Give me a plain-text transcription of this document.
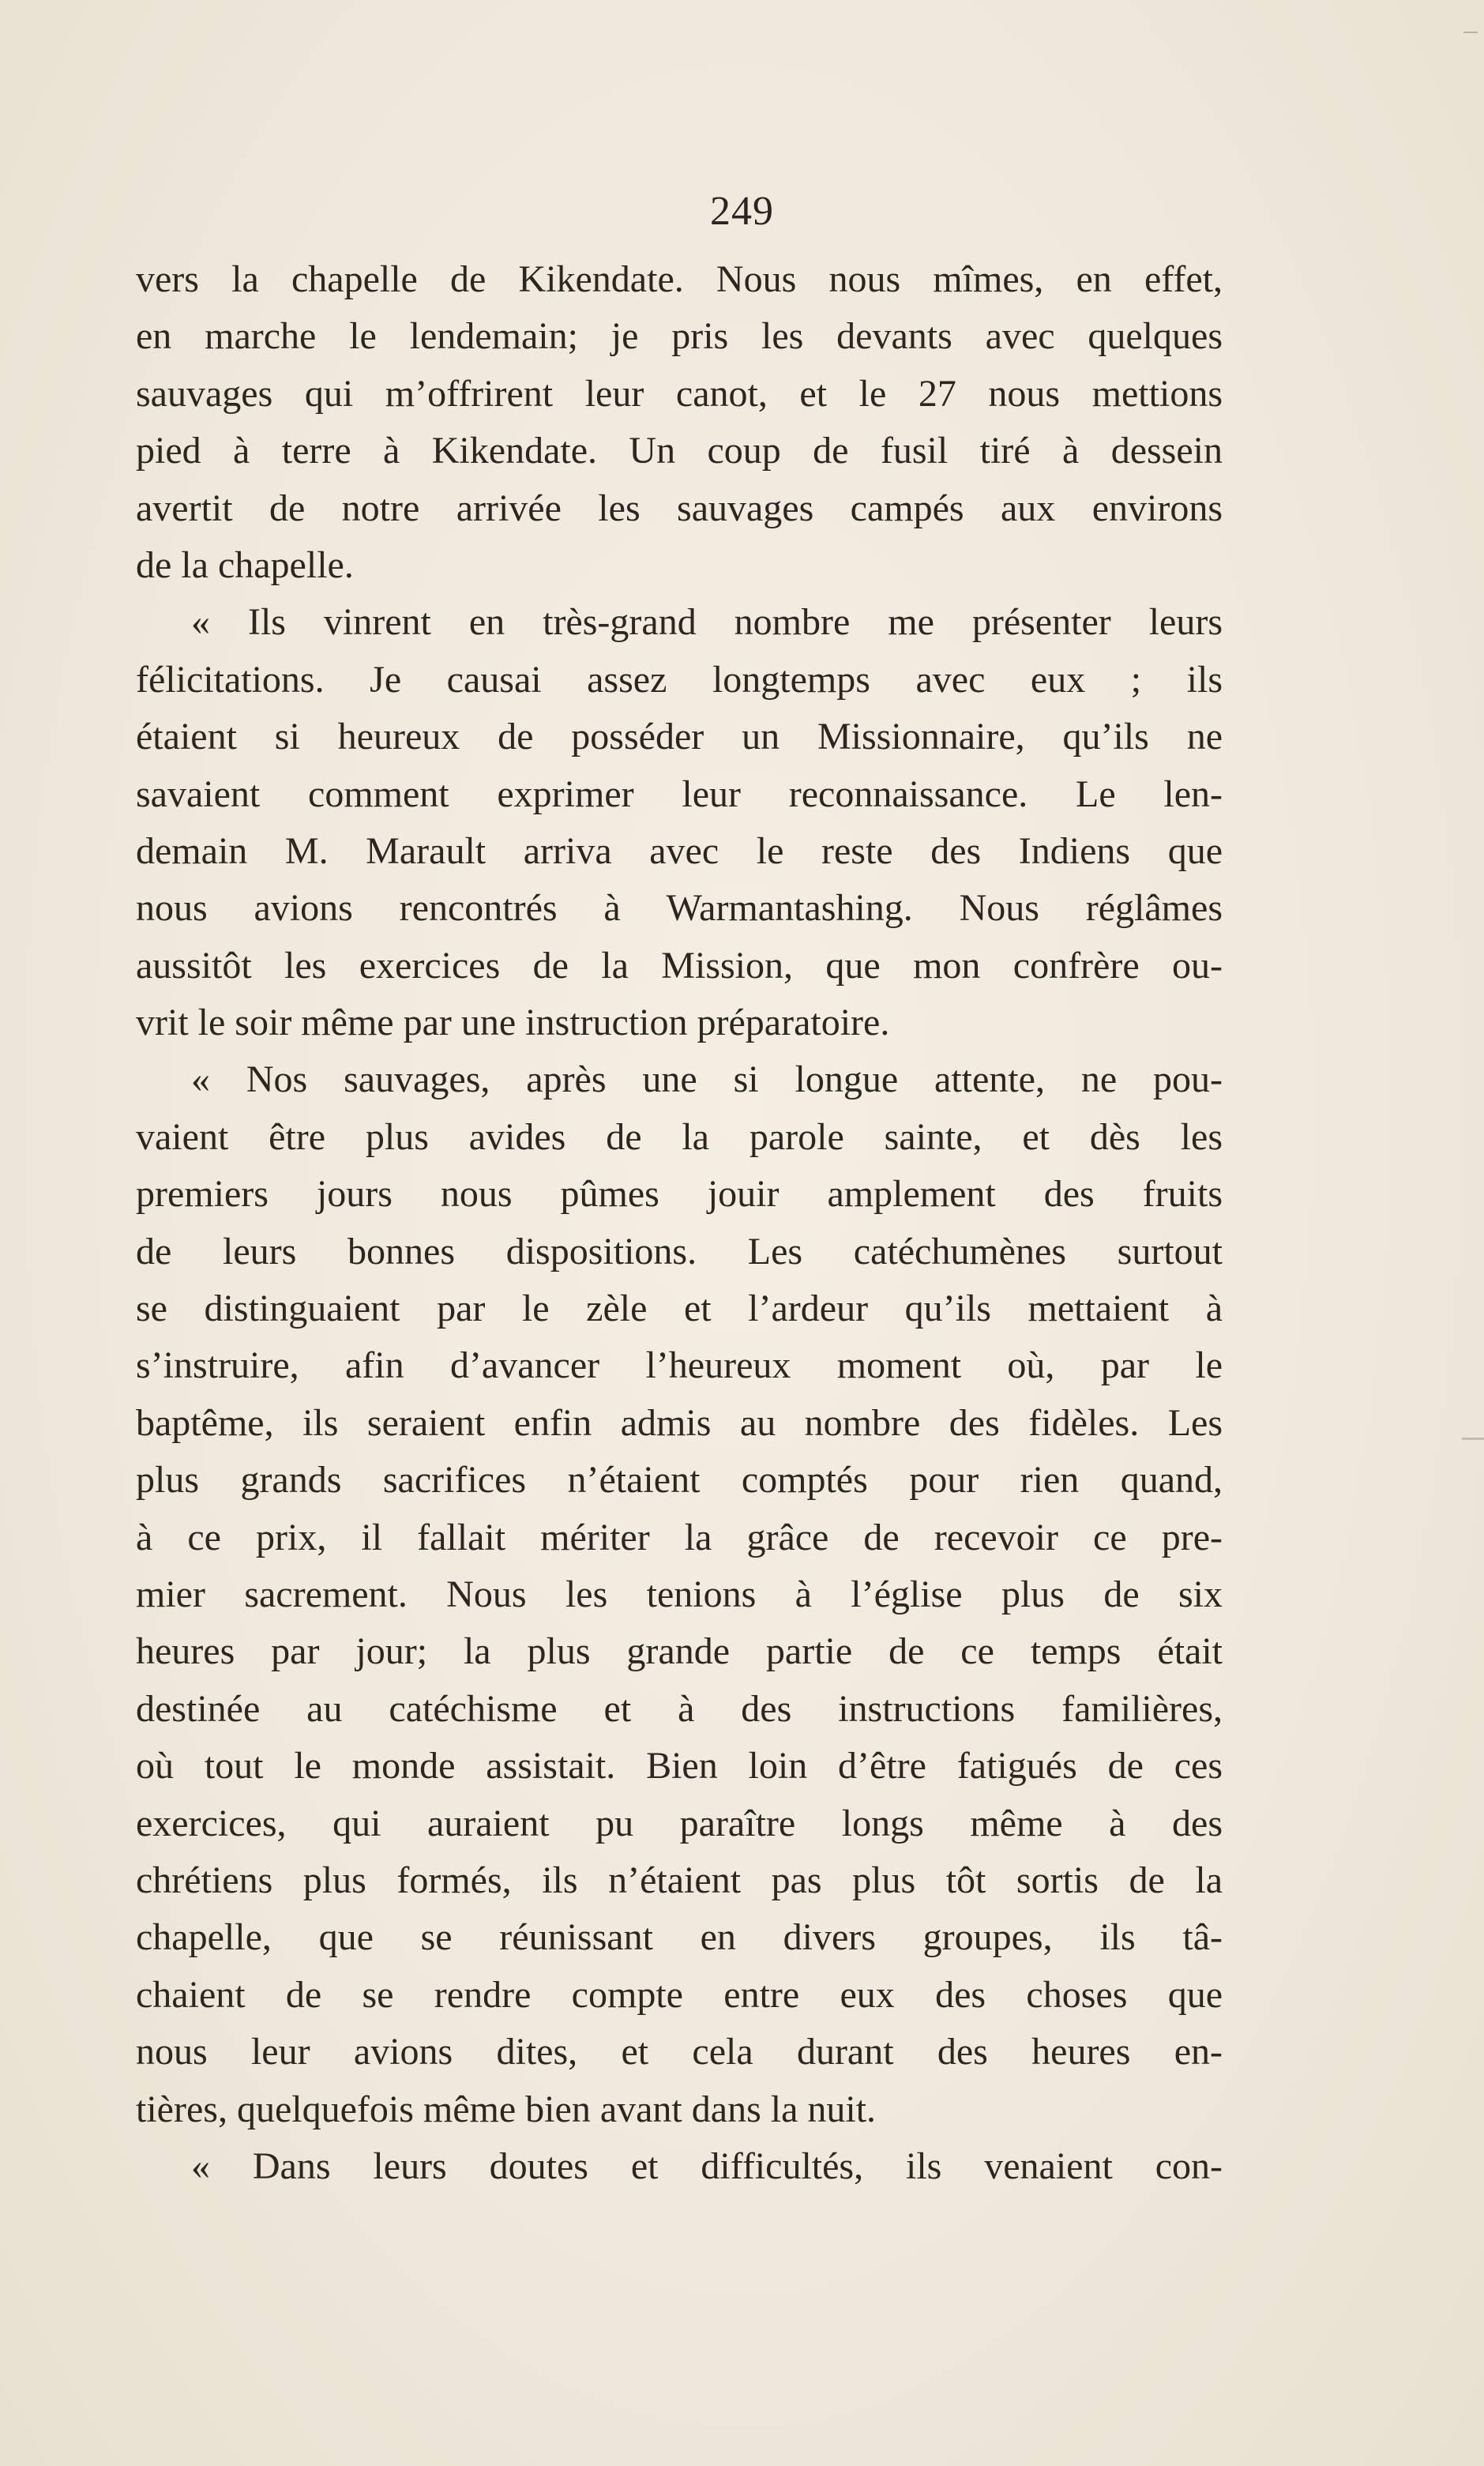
249
vers la chapelle de Kikendate. Nous nous mîmes, en effet,
en marche le lendemain; je pris les devants avec quelques
sauvages qui m’offrirent leur canot, et le 27 nous mettions
pied à terre à Kikendate. Un coup de fusil tiré à dessein
avertit de notre arrivée les sauvages campés aux environs
de la chapelle.
« Ils vinrent en très-grand nombre me présenter leurs
félicitations. Je causai assez longtemps avec eux ; ils
étaient si heureux de posséder un Missionnaire, qu’ils ne
savaient comment exprimer leur reconnaissance. Le len-
demain M. Marault arriva avec le reste des Indiens que
nous avions rencontrés à Warmantashing. Nous réglâmes
aussitôt les exercices de la Mission, que mon confrère ou-
vrit le soir même par une instruction préparatoire.
« Nos sauvages, après une si longue attente, ne pou-
vaient être plus avides de la parole sainte, et dès les
premiers jours nous pûmes jouir amplement des fruits
de leurs bonnes dispositions. Les catéchumènes surtout
se distinguaient par le zèle et l’ardeur qu’ils mettaient à
s’instruire, afin d’avancer l’heureux moment où, par le
baptême, ils seraient enfin admis au nombre des fidèles. Les
plus grands sacrifices n’étaient comptés pour rien quand,
à ce prix, il fallait mériter la grâce de recevoir ce pre-
mier sacrement. Nous les tenions à l’église plus de six
heures par jour; la plus grande partie de ce temps était
destinée au catéchisme et à des instructions familières,
où tout le monde assistait. Bien loin d’être fatigués de ces
exercices, qui auraient pu paraître longs même à des
chrétiens plus formés, ils n’étaient pas plus tôt sortis de la
chapelle, que se réunissant en divers groupes, ils tâ-
chaient de se rendre compte entre eux des choses que
nous leur avions dites, et cela durant des heures en-
tières, quelquefois même bien avant dans la nuit.
« Dans leurs doutes et difficultés, ils venaient con-
